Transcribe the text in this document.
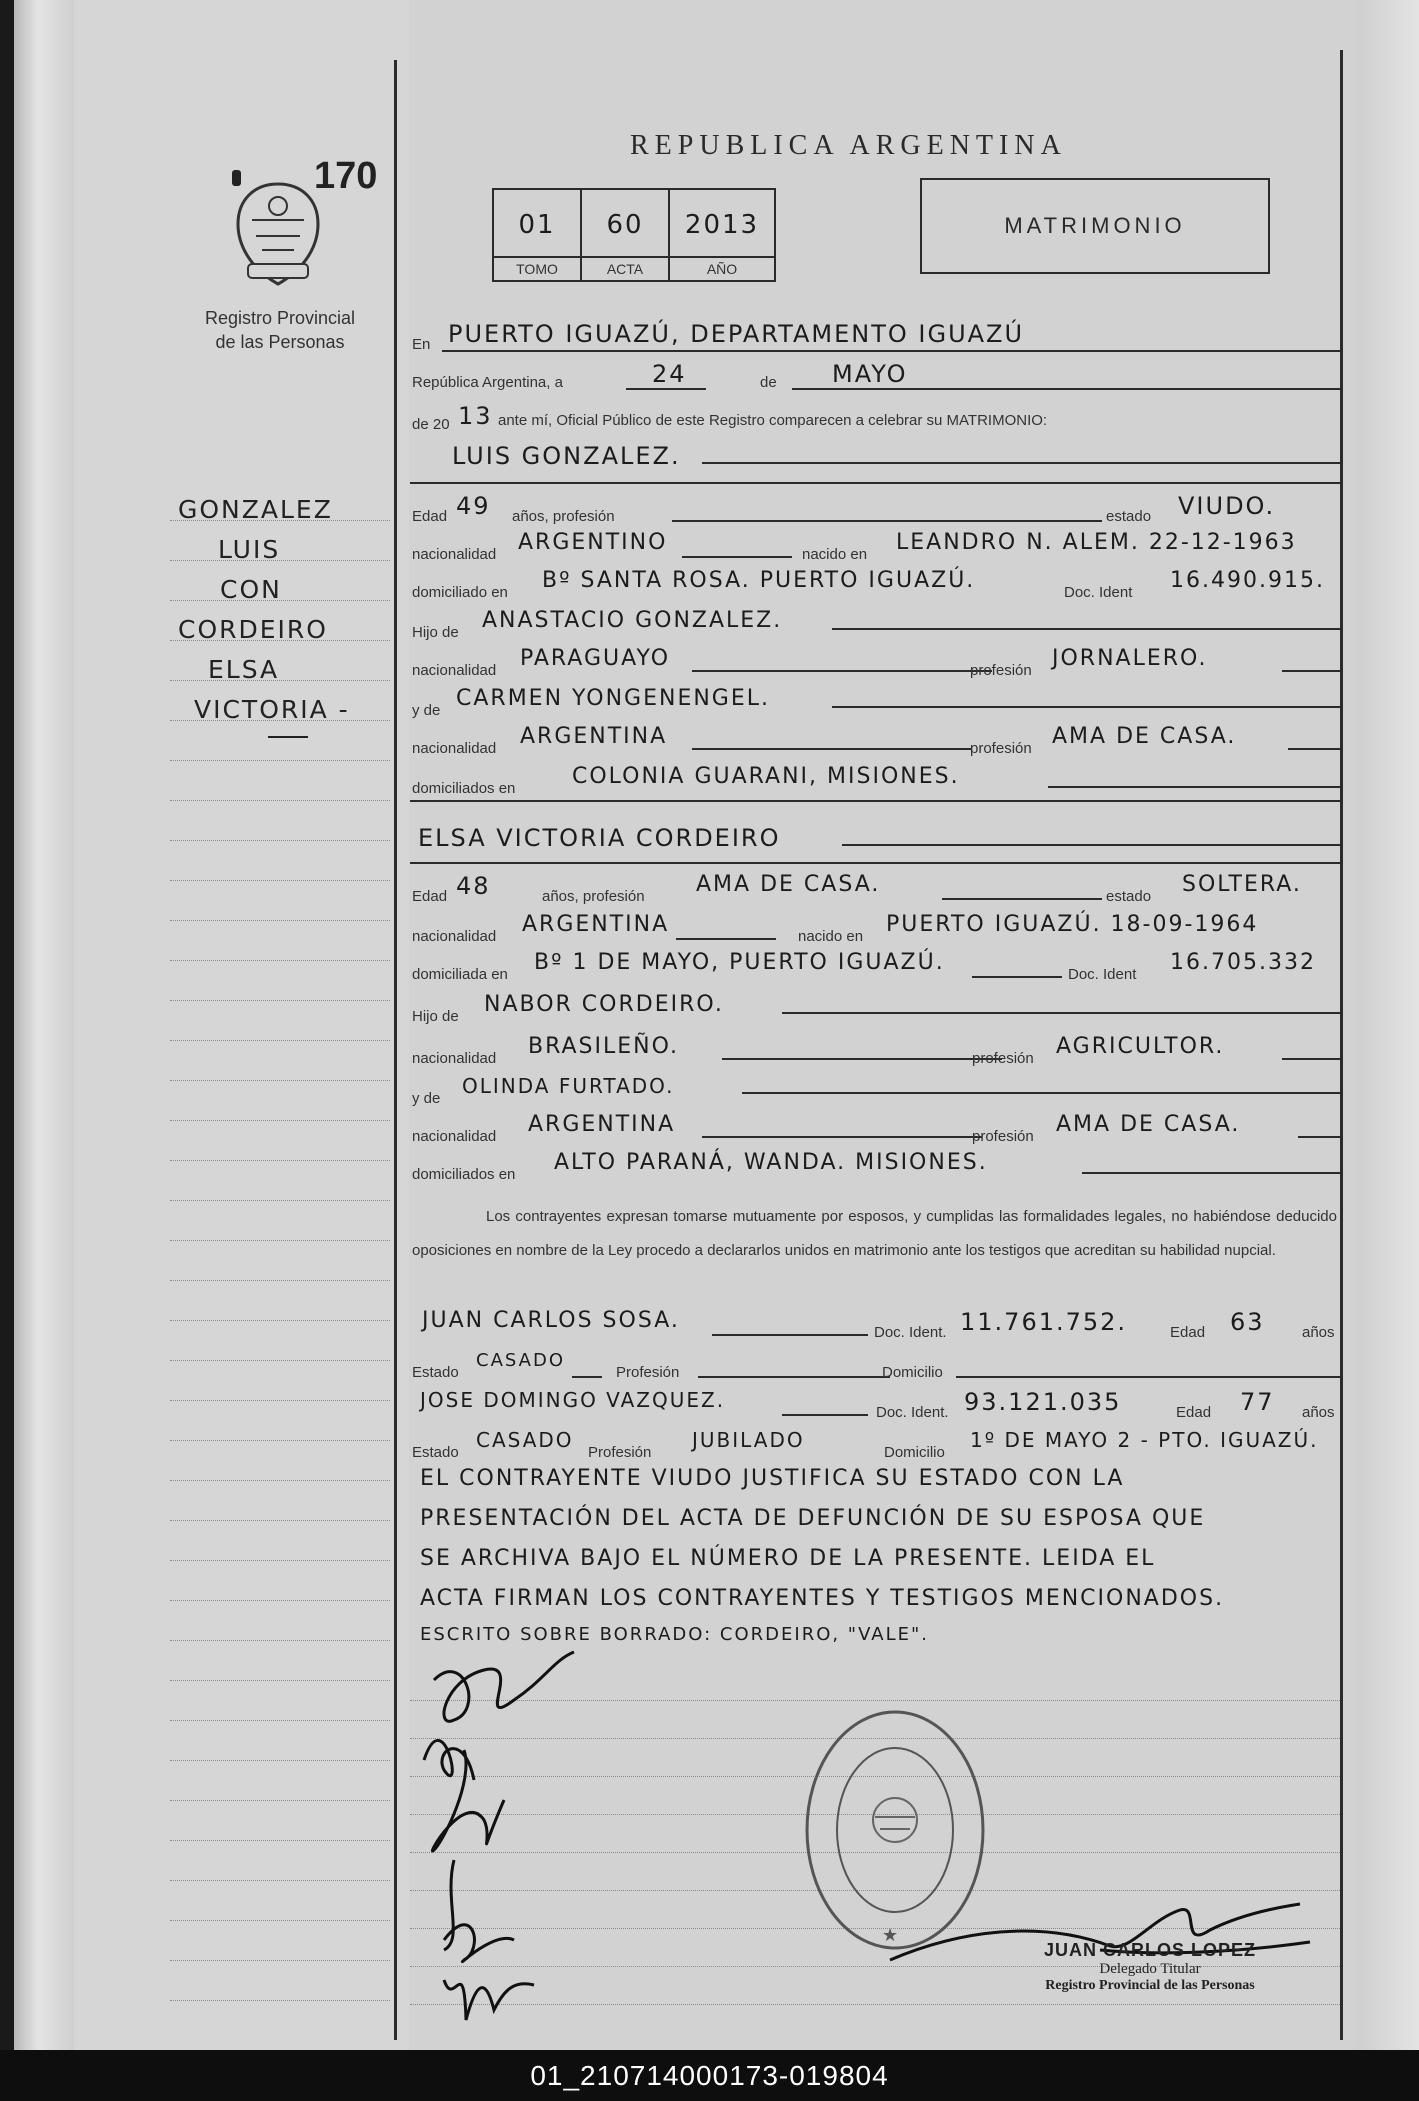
170
Registro Provincial
de las Personas
GONZALEZ
LUIS
CON
CORDEIRO
ELSA
VICTORIA -
REPUBLICA ARGENTINA
01
TOMO
60
ACTA
2013
AÑO
MATRIMONIO
En PUERTO IGUAZÚ, DEPARTAMENTO IGUAZÚ
República Argentina, a	24	de MAYO
de 20 13 ante mí, Oficial Público de este Registro comparecen a celebrar su MATRIMONIO:
LUIS GONZALEZ.
Edad 49 años, profesión	estado VIUDO.
nacionalidad ARGENTINO	nacido en LEANDRO N. ALEM. 22-12-1963
domiciliado en Bº SANTA ROSA. PUERTO IGUAZÚ.	Doc. Ident 16.490.915.
Hijo de ANASTACIO GONZALEZ.
nacionalidad PARAGUAYO	profesión JORNALERO.
y de CARMEN YONGENENGEL.
nacionalidad ARGENTINA	profesión AMA DE CASA.
domiciliados en	COLONIA GUARANI, MISIONES.
ELSA VICTORIA CORDEIRO
Edad 48	años, profesión AMA DE CASA.	estado SOLTERA.
nacionalidad ARGENTINA	nacido en PUERTO IGUAZÚ. 18-09-1964
domiciliada en Bº 1 DE MAYO, PUERTO IGUAZÚ.	Doc. Ident 16.705.332
Hijo de NABOR CORDEIRO.
nacionalidad BRASILEÑO.	profesión AGRICULTOR.
y de
OLINDA FURTADO.
nacionalidad ARGENTINA	profesión AMA DE CASA.
domiciliados en ALTO PARANÁ, WANDA. MISIONES.
Los contrayentes expresan tomarse mutuamente por esposos, y cumplidas las formalidades legales, no habiéndose deducido oposiciones en nombre de la Ley procedo a declararlos unidos en matrimonio ante los testigos que acreditan su habilidad nupcial.
JUAN CARLOS SOSA.	Doc. Ident. 11.761.752.	Edad 63 años
Estado
CASADO
Profesión	Domicilio
JOSE DOMINGO VAZQUEZ.
Doc. Ident. 93.121.035	Edad 77 años
Estado
CASADO
Profesión
JUBILADO
Domicilio
1º DE MAYO 2 - PTO. IGUAZÚ.
EL CONTRAYENTE VIUDO JUSTIFICA SU ESTADO CON LA
PRESENTACIÓN DEL ACTA DE DEFUNCIÓN DE SU ESPOSA QUE
SE ARCHIVA BAJO EL NÚMERO DE LA PRESENTE. LEIDA EL
ACTA FIRMAN LOS CONTRAYENTES Y TESTIGOS MENCIONADOS.
ESCRITO SOBRE BORRADO: CORDEIRO, "VALE".
★
JUAN CARLOS LOPEZ
Delegado Titular
Registro Provincial de las Personas
01_210714000173-019804
